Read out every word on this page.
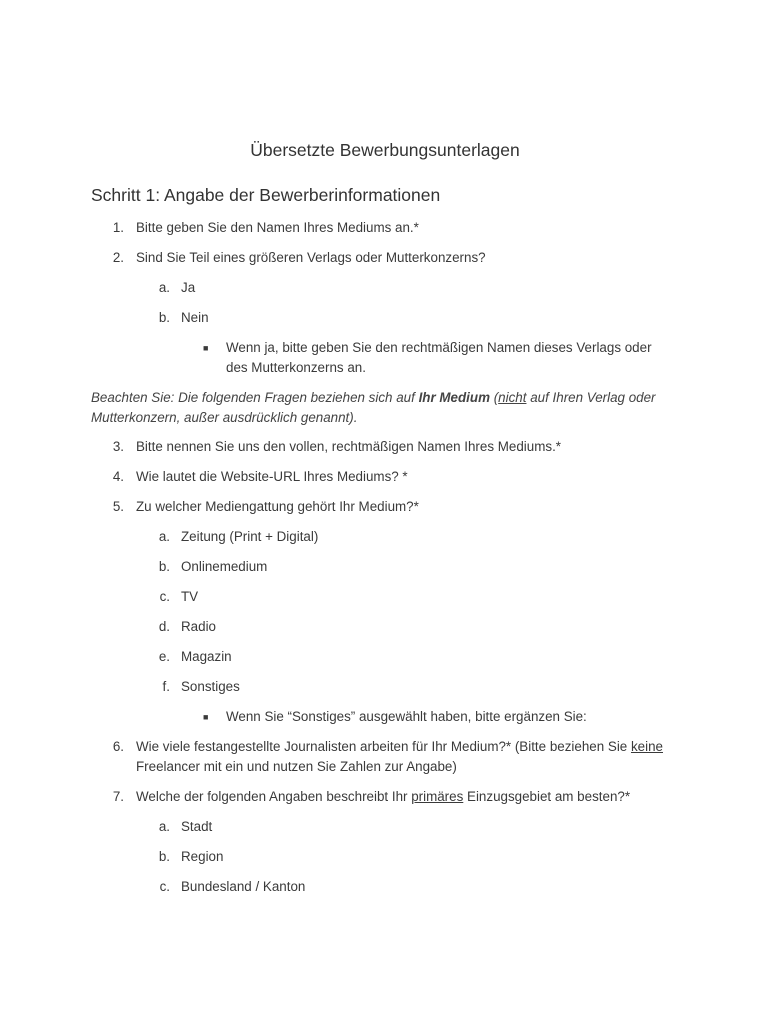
Übersetzte Bewerbungsunterlagen
Schritt 1: Angabe der Bewerberinformationen
1. Bitte geben Sie den Namen Ihres Mediums an.*
2. Sind Sie Teil eines größeren Verlags oder Mutterkonzerns?
a. Ja
b. Nein
■ Wenn ja, bitte geben Sie den rechtmäßigen Namen dieses Verlags oder
des Mutterkonzerns an.
Beachten Sie: Die folgenden Fragen beziehen sich auf Ihr Medium (nicht auf Ihren Verlag oder Mutterkonzern, außer ausdrücklich genannt).
3. Bitte nennen Sie uns den vollen, rechtmäßigen Namen Ihres Mediums.*
4. Wie lautet die Website-URL Ihres Mediums? *
5. Zu welcher Mediengattung gehört Ihr Medium?*
a. Zeitung (Print + Digital)
b. Onlinemedium
c. TV
d. Radio
e. Magazin
f. Sonstiges
■ Wenn Sie “Sonstiges” ausgewählt haben, bitte ergänzen Sie:
6. Wie viele festangestellte Journalisten arbeiten für Ihr Medium?* (Bitte beziehen Sie keine
Freelancer mit ein und nutzen Sie Zahlen zur Angabe)
7. Welche der folgenden Angaben beschreibt Ihr primäres Einzugsgebiet am besten?*
a. Stadt
b. Region
c. Bundesland / Kanton
